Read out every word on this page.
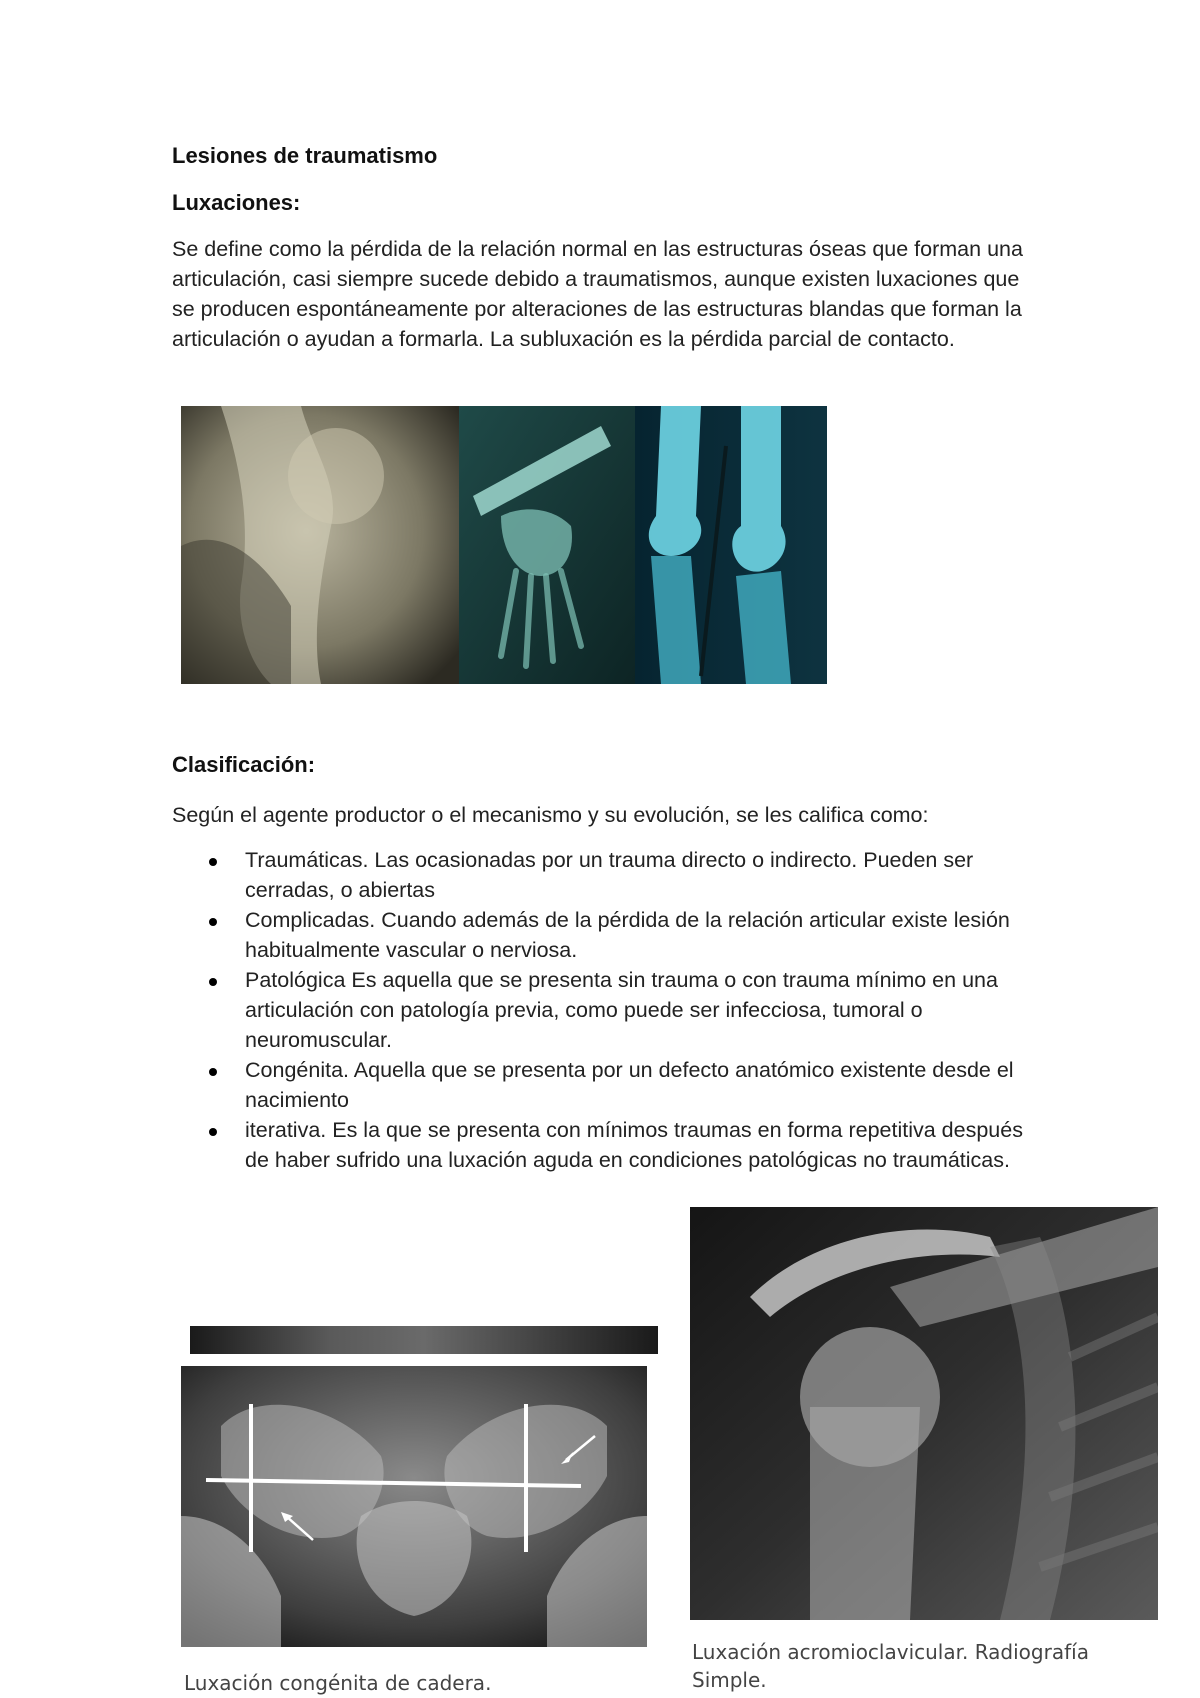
Lesiones de traumatismo
Luxaciones:

Se define como la pérdida de la relación normal en las estructuras óseas que forman una articulación, casi siempre sucede debido a traumatismos, aunque existen luxaciones que se producen espontáneamente por alteraciones de las estructuras blandas que forman la articulación o ayudan a formarla. La subluxación es la pérdida parcial de contacto.

Clasificación:

Según el agente productor o el mecanismo y su evolución, se les califica como:

Traumáticas. Las ocasionadas por un trauma directo o indirecto. Pueden ser cerradas, o abiertas
Complicadas. Cuando además de la pérdida de la relación articular existe lesión habitualmente vascular o nerviosa.
Patológica Es aquella que se presenta sin trauma o con trauma mínimo en una articulación con patología previa, como puede ser infecciosa, tumoral o neuromuscular.
Congénita. Aquella que se presenta por un defecto anatómico existente desde el nacimiento
iterativa. Es la que se presenta con mínimos traumas en forma repetitiva después de haber sufrido una luxación aguda en condiciones patológicas no traumáticas.
Luxación congénita de cadera.
Luxación acromioclavicular. Radiografía Simple.
